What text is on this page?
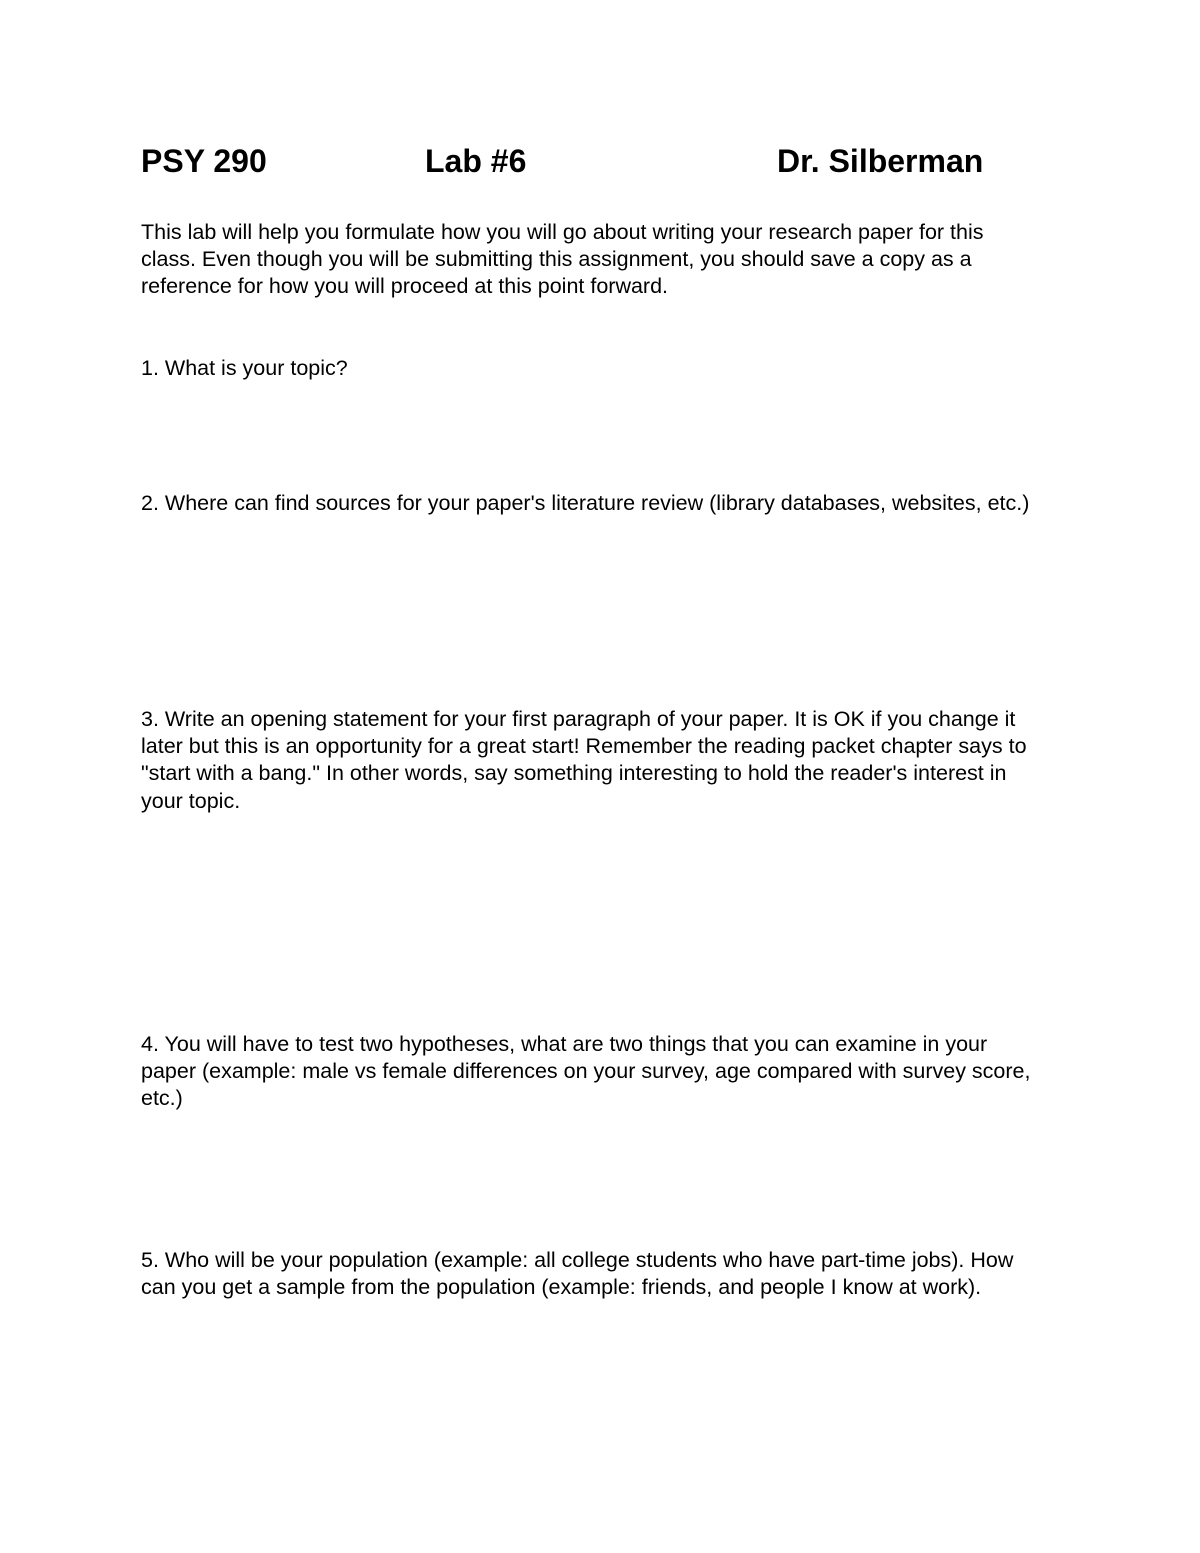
PSY 290	Lab #6	Dr. Silberman

This lab will help you formulate how you will go about writing your research paper for this class. Even though you will be submitting this assignment, you should save a copy as a reference for how you will proceed at this point forward.

1. What is your topic?

2. Where can find sources for your paper's literature review (library databases, websites, etc.)

3. Write an opening statement for your first paragraph of your paper. It is OK if you change it later but this is an opportunity for a great start! Remember the reading packet chapter says to "start with a bang." In other words, say something interesting to hold the reader's interest in your topic.

4. You will have to test two hypotheses, what are two things that you can examine in your paper (example: male vs female differences on your survey, age compared with survey score, etc.)

5. Who will be your population (example: all college students who have part-time jobs). How can you get a sample from the population (example: friends, and people I know at work).
